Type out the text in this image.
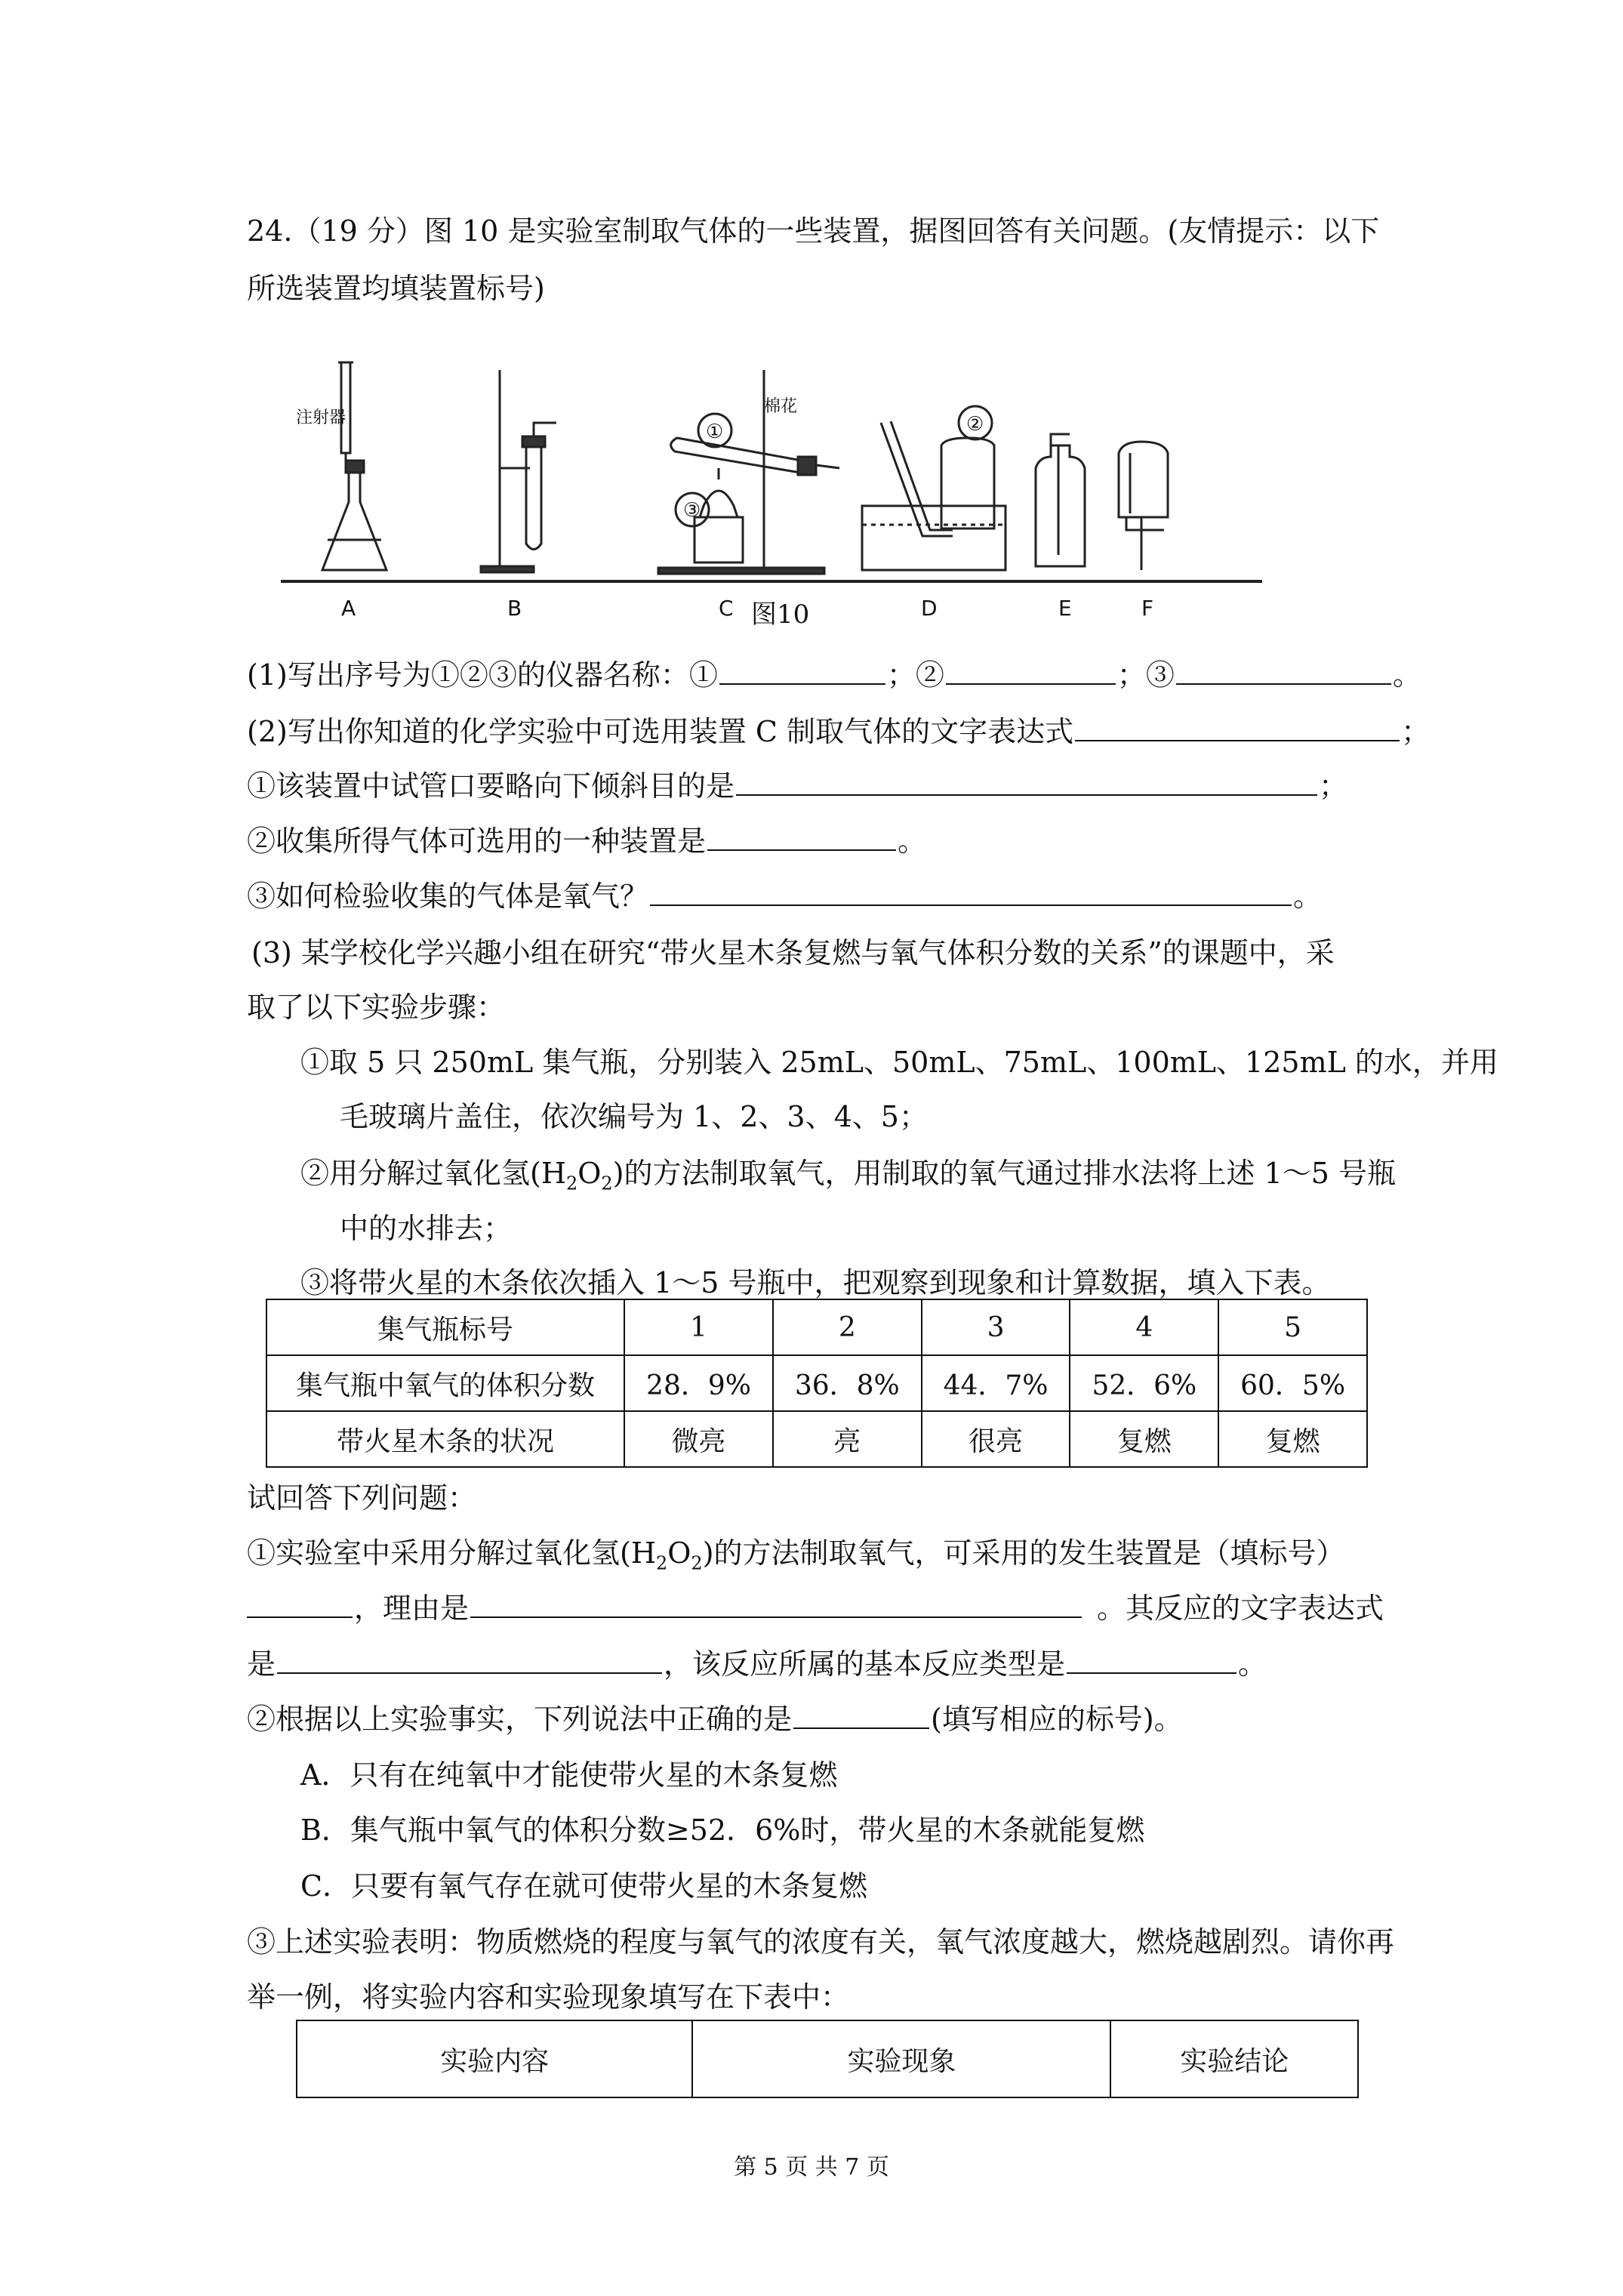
24.（19 分）图 10 是实验室制取气体的一些装置，据图回答有关问题。(友情提示：以下
所选装置均填装置标号)
A	B	C	D	E	F
注射器
棉花
①	②
③
图10
(1)写出序号为①②③的仪器名称：①	；②	；③	。
(2)写出你知道的化学实验中可选用装置 C 制取气体的文字表达式	；
①该装置中试管口要略向下倾斜目的是	；
②收集所得气体可选用的一种装置是	。
③如何检验收集的气体是氧气？	。
(3) 某学校化学兴趣小组在研究“带火星木条复燃与氧气体积分数的关系”的课题中，采
取了以下实验步骤：
①取 5 只 250mL 集气瓶，分别装入 25mL、50mL、75mL、100mL、125mL 的水，并用
毛玻璃片盖住，依次编号为 1、2、3、4、5；
②用分解过氧化氢$(H_2O_2)$的方法制取氧气，用制取的氧气通过排水法将上述 1～5 号瓶
中的水排去；
③将带火星的木条依次插入 1～5 号瓶中，把观察到现象和计算数据，填入下表。
集气瓶标号	1	2	3	4	5
集气瓶中氧气的体积分数	28．9%	36．8%	44．7%	52．6%	60．5%
带火星木条的状况	微亮	亮	很亮	复燃	复燃
试回答下列问题：
①实验室中采用分解过氧化氢$(H_2O_2)$的方法制取氧气，可采用的发生装置是（填标号）
，理由是	。其反应的文字表达式
是	，该反应所属的基本反应类型是	。
②根据以上实验事实，下列说法中正确的是	(填写相应的标号)。
A．只有在纯氧中才能使带火星的木条复燃
B．集气瓶中氧气的体积分数≥52．6%时，带火星的木条就能复燃
C．只要有氧气存在就可使带火星的木条复燃
③上述实验表明：物质燃烧的程度与氧气的浓度有关，氧气浓度越大，燃烧越剧烈。请你再
举一例，将实验内容和实验现象填写在下表中：
实验内容	实验现象	实验结论
第 5 页 共 7 页
